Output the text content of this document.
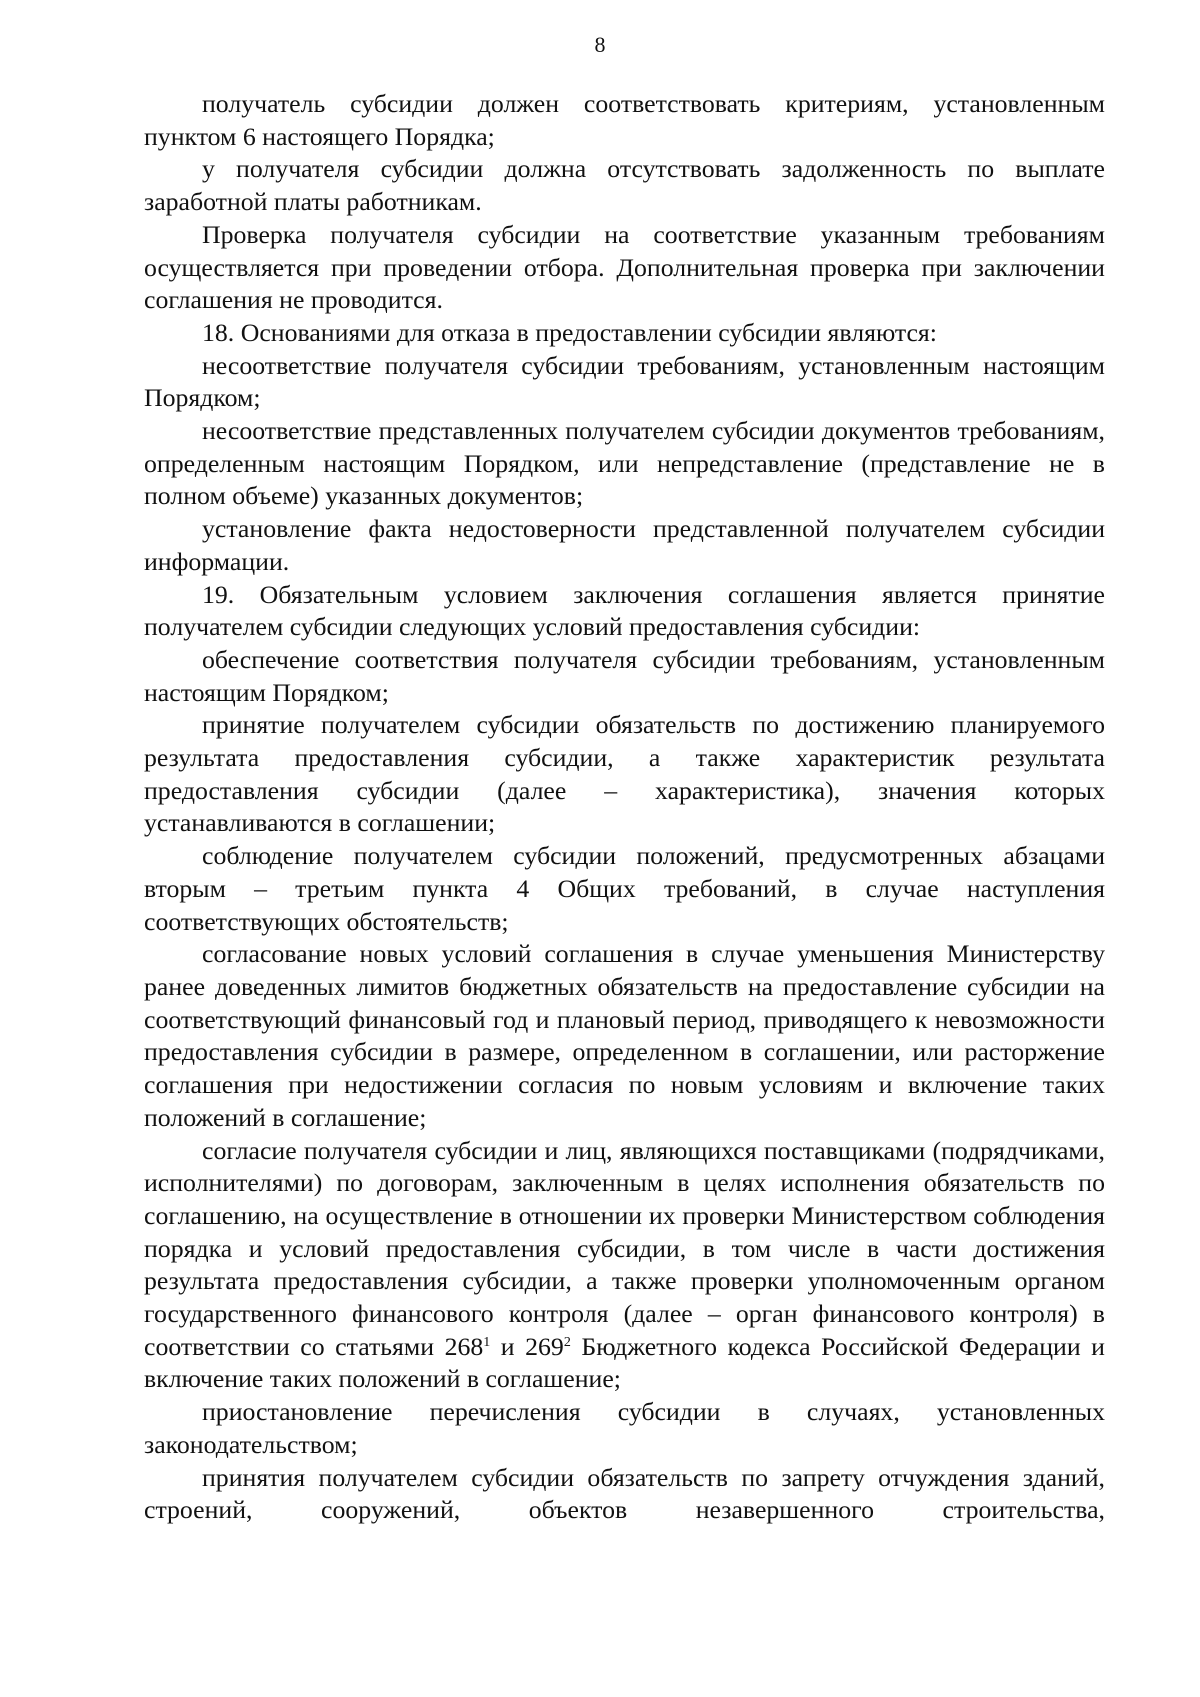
8

получатель субсидии должен соответствовать критериям, установленным пунктом 6 настоящего Порядка;

у получателя субсидии должна отсутствовать задолженность по выплате заработной платы работникам.

Проверка получателя субсидии на соответствие указанным требованиям осуществляется при проведении отбора. Дополнительная проверка при заключении соглашения не проводится.

18. Основаниями для отказа в предоставлении субсидии являются:

несоответствие получателя субсидии требованиям, установленным настоящим Порядком;

несоответствие представленных получателем субсидии документов требованиям, определенным настоящим Порядком, или непредставление (представление не в полном объеме) указанных документов;

установление факта недостоверности представленной получателем субсидии информации.

19. Обязательным условием заключения соглашения является принятие получателем субсидии следующих условий предоставления субсидии:

обеспечение соответствия получателя субсидии требованиям, установленным настоящим Порядком;

принятие получателем субсидии обязательств по достижению планируемого результата предоставления субсидии, а также характеристик результата предоставления субсидии (далее – характеристика), значения которых устанавливаются в соглашении;

соблюдение получателем субсидии положений, предусмотренных абзацами вторым – третьим пункта 4 Общих требований, в случае наступления соответствующих обстоятельств;

согласование новых условий соглашения в случае уменьшения Министерству ранее доведенных лимитов бюджетных обязательств на предоставление субсидии на соответствующий финансовый год и плановый период, приводящего к невозможности предоставления субсидии в размере, определенном в соглашении, или расторжение соглашения при недостижении согласия по новым условиям и включение таких положений в соглашение;

согласие получателя субсидии и лиц, являющихся поставщиками (подрядчиками, исполнителями) по договорам, заключенным в целях исполнения обязательств по соглашению, на осуществление в отношении их проверки Министерством соблюдения порядка и условий предоставления субсидии, в том числе в части достижения результата предоставления субсидии, а также проверки уполномоченным органом государственного финансового контроля (далее – орган финансового контроля) в соответствии со статьями $268^1$ и $269^2$ Бюджетного кодекса Российской Федерации и включение таких положений в соглашение;

приостановление перечисления субсидии в случаях, установленных законодательством;

принятия получателем субсидии обязательств по запрету отчуждения зданий, строений, сооружений, объектов незавершенного строительства,
